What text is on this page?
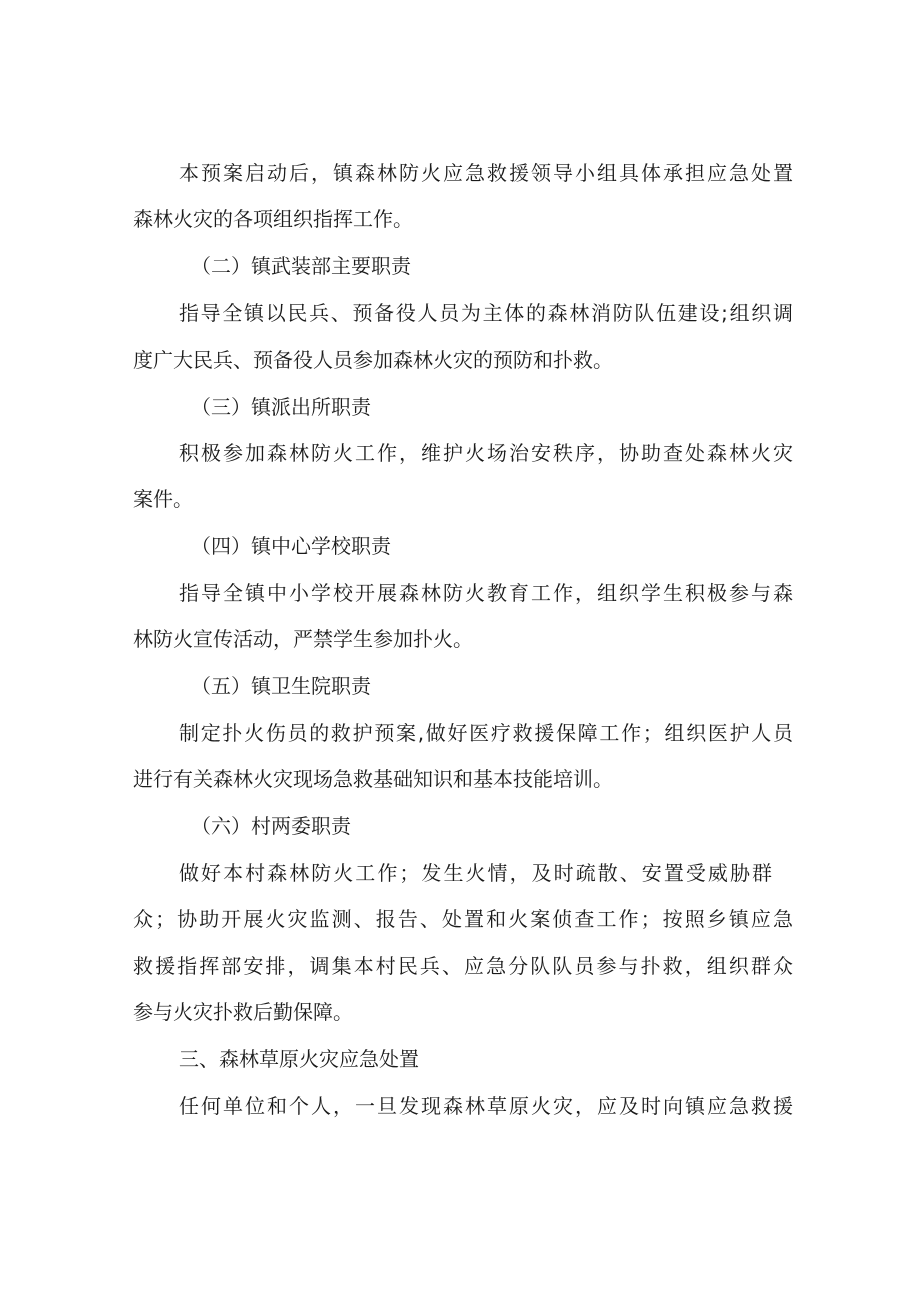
本预案启动后，镇森林防火应急救援领导小组具体承担应急处置
森林火灾的各项组织指挥工作。
（二）镇武装部主要职责
指导全镇以民兵、预备役人员为主体的森林消防队伍建设;组织调
度广大民兵、预备役人员参加森林火灾的预防和扑救。
（三）镇派出所职责
积极参加森林防火工作，维护火场治安秩序，协助查处森林火灾
案件。
（四）镇中心学校职责
指导全镇中小学校开展森林防火教育工作，组织学生积极参与森
林防火宣传活动，严禁学生参加扑火。
（五）镇卫生院职责
制定扑火伤员的救护预案,做好医疗救援保障工作；组织医护人员
进行有关森林火灾现场急救基础知识和基本技能培训。
（六）村两委职责
做好本村森林防火工作；发生火情，及时疏散、安置受威胁群
众；协助开展火灾监测、报告、处置和火案侦查工作；按照乡镇应急
救援指挥部安排，调集本村民兵、应急分队队员参与扑救，组织群众
参与火灾扑救后勤保障。
三、森林草原火灾应急处置
任何单位和个人，一旦发现森林草原火灾，应及时向镇应急救援
